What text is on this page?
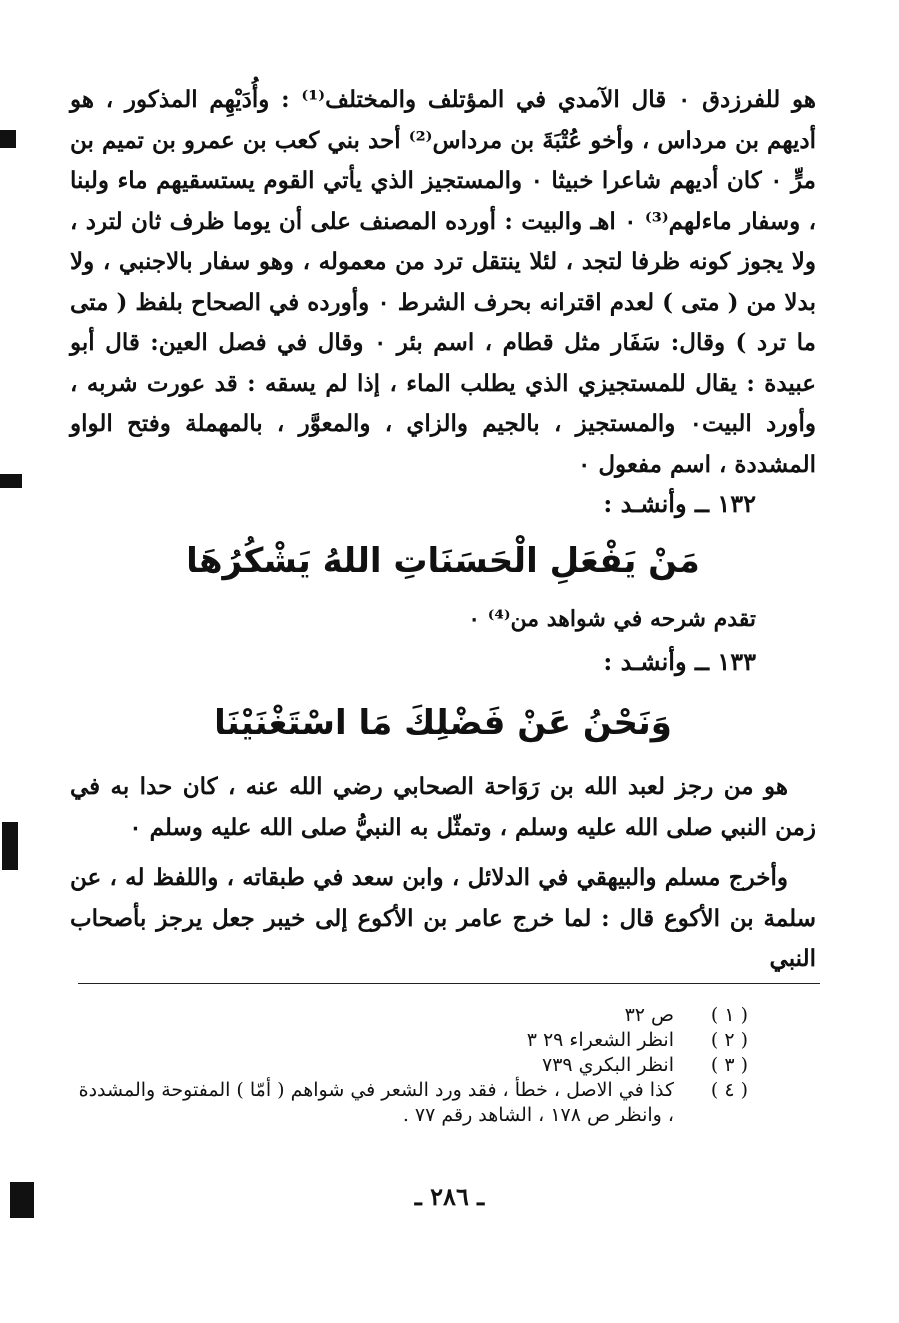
هو للفرزدق ٠ قال الآمدي في المؤتلف والمختلف⁽¹⁾ : وأُدَيْهِم المذكور ، هو أديهم بن مرداس ، وأخو عُتْبَةَ بن مرداس⁽²⁾ أحد بني كعب بن عمرو بن تميم بن مرٍّ ٠ كان أديهم شاعرا خبيثا ٠ والمستجيز الذي يأتي القوم يستسقيهم ماء ولبنا ، وسفار ماءلهم⁽³⁾ ٠ اهـ والبيت : أورده المصنف على أن يوما ظرف ثان لترد ، ولا يجوز كونه ظرفا لتجد ، لئلا ينتقل ترد من معموله ، وهو سفار بالاجنبي ، ولا بدلا من ( متى ) لعدم اقترانه بحرف الشرط ٠ وأورده في الصحاح بلفظ ( متى ما ترد ) وقال: سَفَار مثل قطام ، اسم بئر ٠ وقال في فصل العين: قال أبو عبيدة : يقال للمستجيزي الذي يطلب الماء ، إذا لم يسقه : قد عورت شربه ، وأورد البيت٠ والمستجيز ، بالجيم والزاي ، والمعوَّر ، بالمهملة وفتح الواو المشددة ، اسم مفعول ٠

١٣٢ ــ وأنشـد :
مَنْ يَفْعَلِ الْحَسَنَاتِ اللهُ يَشْكُرُهَا
تقدم شرحه في شواهد من⁽⁴⁾ ٠
١٣٣ ــ وأنشـد :
وَنَحْنُ عَنْ فَضْلِكَ مَا اسْتَغْنَيْنَا

هو من رجز لعبد الله بن رَوَاحة الصحابي رضي الله عنه ، كان حدا به في زمن النبي صلى الله عليه وسلم ، وتمثّل به النبيُّ صلى الله عليه وسلم ٠

وأخرج مسلم والبيهقي في الدلائل ، وابن سعد في طبقاته ، واللفظ له ، عن سلمة بن الأكوع قال : لما خرج عامر بن الأكوع إلى خيبر جعل يرجز بأصحاب النبي

( ١ )
ص ٣٢
( ٢ )
انظر الشعراء ٢٩ ٣
( ٣ )
انظر البكري ٧٣٩
( ٤ )
كذا في الاصل ، خطأ ، فقد ورد الشعر في شواهم ( أمّا ) المفتوحة والمشددة ، وانظر ص ١٧٨ ، الشاهد رقم ٧٧ .
ـ ٢٨٦ ـ
